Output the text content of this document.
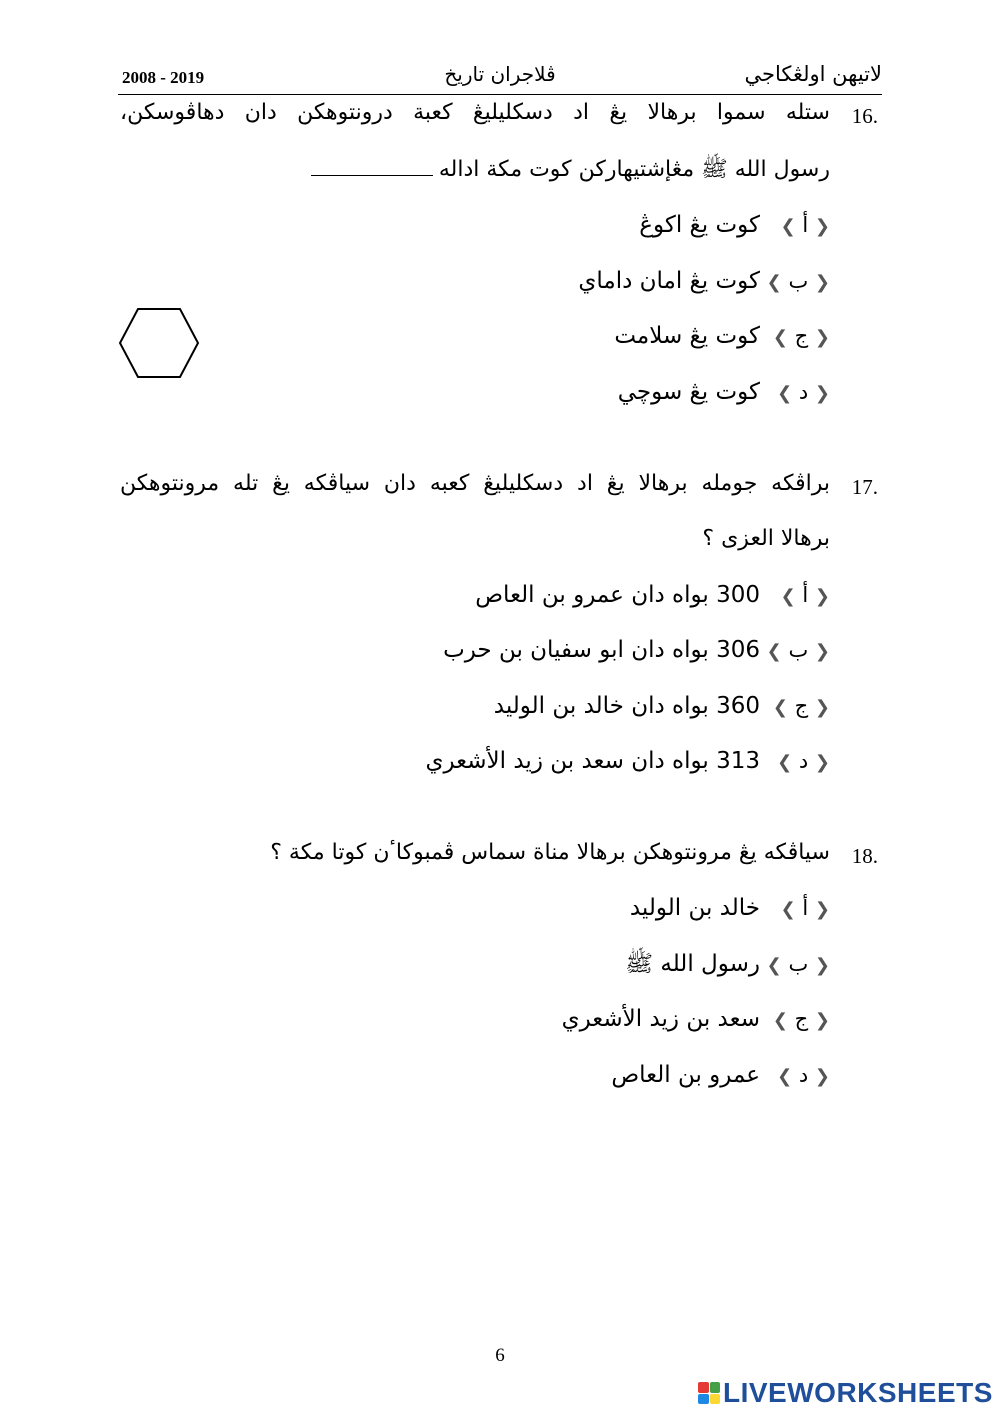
لاتيهن اولڠكاجي
ڤلاجر‌ان تاريخ
2008 - 2019
16.
ستله سموا برهالا يڠ اد دسكليليڠ كعبة درونتوهكن دان دهاڤوسكن،
رسول الله ﷺ مڠإشتيهاركن كوت مكة اداله
❮ أ ❯كوت يڠ اكوڠ
❮ ب ❯كوت يڠ امان داماي
❮ ج ❯كوت يڠ سلامت
❮ د ❯كوت يڠ سوچي
17.
براڤكه جومله برهالا يڠ اد دسكليليڠ كعبه دان سياڤكه يڠ تله مرونتوهكن
برهالا العزى ؟
❮ أ ❯300 بواه دان عمرو بن العاص
❮ ب ❯306 بواه دان ابو سفيان بن حرب
❮ ج ❯360 بواه دان خالد بن الوليد
❮ د ❯313 بواه دان سعد بن زيد الأشعري
18.
سياڤكه يڠ مرونتوهكن برهالا مناة سماس ڤمبوكاٴن كوتا مكة ؟
❮ أ ❯خالد بن الوليد
❮ ب ❯رسول الله ﷺ
❮ ج ❯سعد بن زيد الأشعري
❮ د ❯عمرو بن العاص
6
LIVEWORKSHEETS
